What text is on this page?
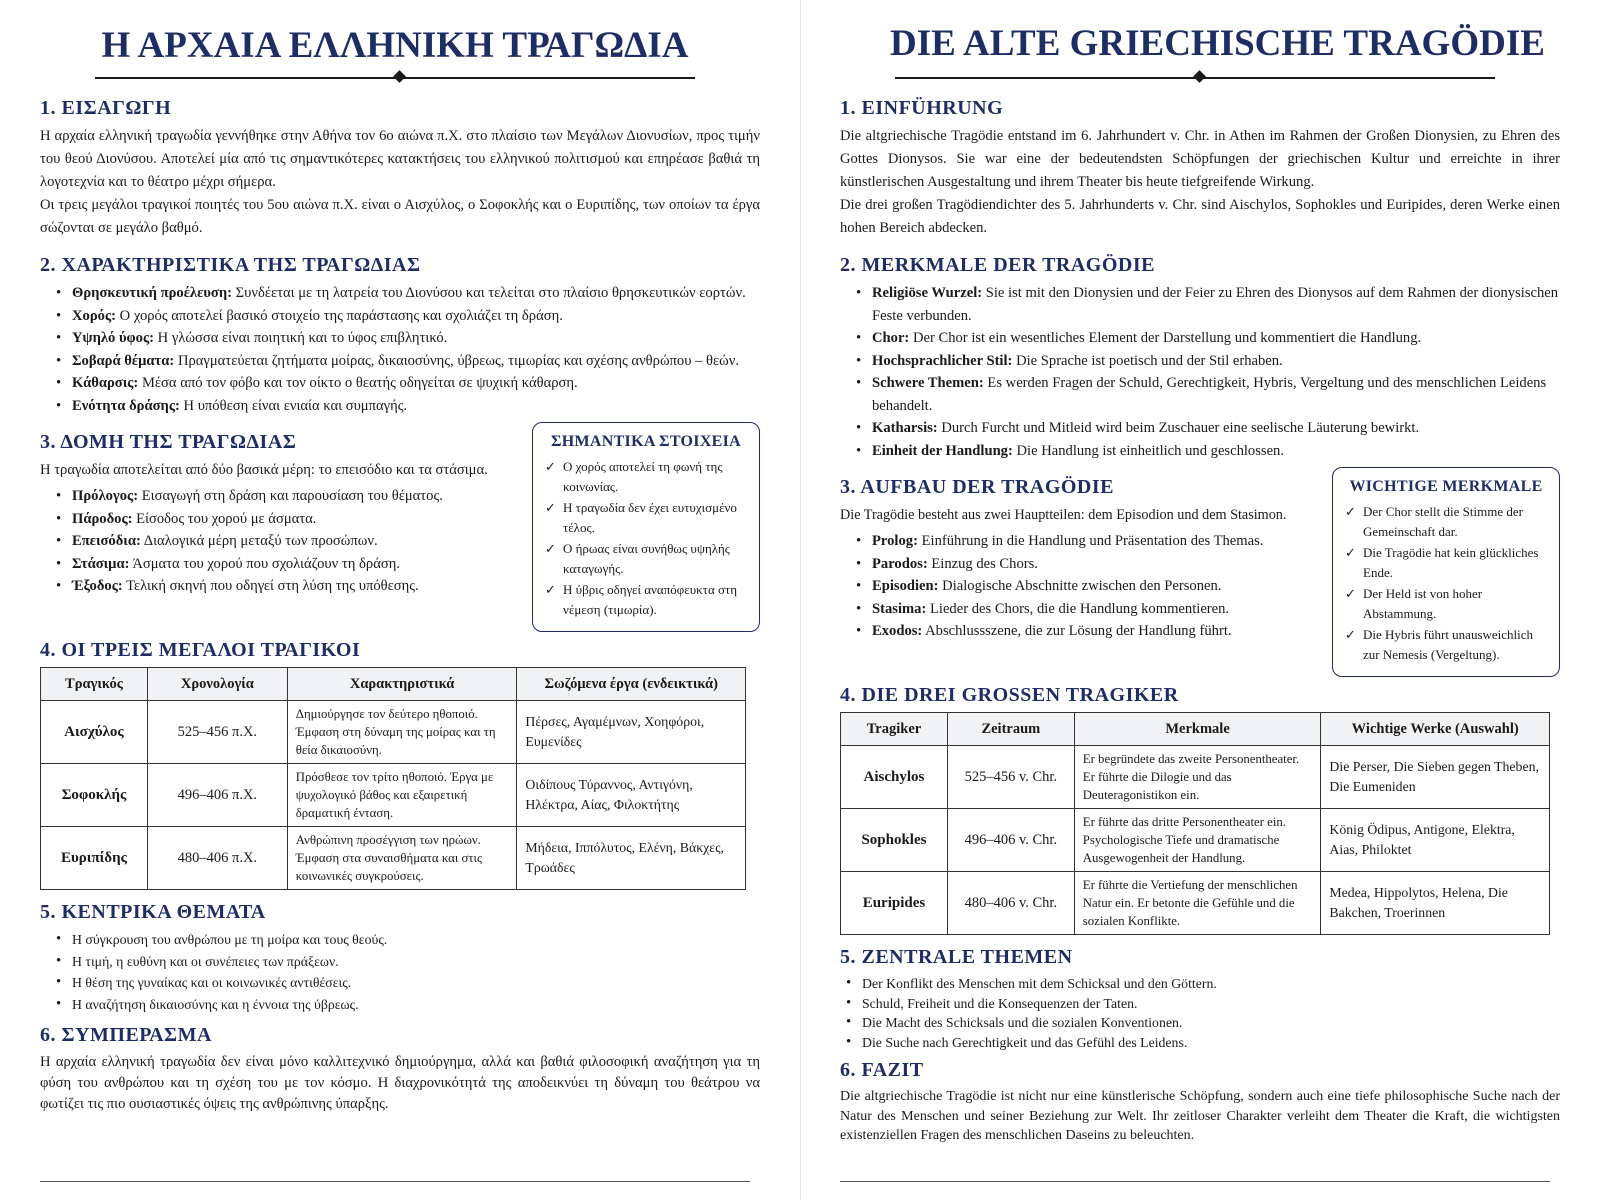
Η ΑΡΧΑΙΑ ΕΛΛΗΝΙΚΗ ΤΡΑΓΩΔΙΑ
1. ΕΙΣΑΓΩΓΗ

Η αρχαία ελληνική τραγωδία γεννήθηκε στην Αθήνα τον 6ο αιώνα π.Χ. στο πλαίσιο των Μεγάλων Διονυσίων, προς τιμήν του θεού Διονύσου. Αποτελεί μία από τις σημαντικότερες κατακτήσεις του ελληνικού πολιτισμού και επηρέασε βαθιά τη λογοτεχνία και το θέατρο μέχρι σήμερα.

Οι τρεις μεγάλοι τραγικοί ποιητές του 5ου αιώνα π.Χ. είναι ο Αισχύλος, ο Σοφοκλής και ο Ευριπίδης, των οποίων τα έργα σώζονται σε μεγάλο βαθμό.

2. ΧΑΡΑΚΤΗΡΙΣΤΙΚΑ ΤΗΣ ΤΡΑΓΩΔΙΑΣ
• Θρησκευτική προέλευση: Συνδέεται με τη λατρεία του Διονύσου και τελείται στο πλαίσιο θρησκευτικών εορτών.
• Χορός: Ο χορός αποτελεί βασικό στοιχείο της παράστασης και σχολιάζει τη δράση.
• Υψηλό ύφος: Η γλώσσα είναι ποιητική και το ύφος επιβλητικό.
• Σοβαρά θέματα: Πραγματεύεται ζητήματα μοίρας, δικαιοσύνης, ύβρεως, τιμωρίας και σχέσης ανθρώπου – θεών.
• Κάθαρσις: Μέσα από τον φόβο και τον οίκτο ο θεατής οδηγείται σε ψυχική κάθαρση.
• Ενότητα δράσης: Η υπόθεση είναι ενιαία και συμπαγής.
3. ΔΟΜΗ ΤΗΣ ΤΡΑΓΩΔΙΑΣ

Η τραγωδία αποτελείται από δύο βασικά μέρη: το επεισόδιο και τα στάσιμα.

• Πρόλογος: Εισαγωγή στη δράση και παρουσίαση του θέματος.
• Πάροδος: Είσοδος του χορού με άσματα.
• Επεισόδια: Διαλογικά μέρη μεταξύ των προσώπων.
• Στάσιμα: Άσματα του χορού που σχολιάζουν τη δράση.
• Έξοδος: Τελική σκηνή που οδηγεί στη λύση της υπόθεσης.
ΣΗΜΑΝΤΙΚΑ ΣΤΟΙΧΕΙΑ
✓ Ο χορός αποτελεί τη φωνή της κοινωνίας.
✓ Η τραγωδία δεν έχει ευτυχισμένο τέλος.
✓ Ο ήρωας είναι συνήθως υψηλής καταγωγής.
✓ Η ύβρις οδηγεί αναπόφευκτα στη νέμεση (τιμωρία).
4. ΟΙ ΤΡΕΙΣ ΜΕΓΑΛΟΙ ΤΡΑΓΙΚΟΙ
Τραγικός	Χρονολογία	Χαρακτηριστικά	Σωζόμενα έργα (ενδεικτικά)
Αισχύλος	525–456 π.Χ.	Δημιούργησε τον δεύτερο ηθοποιό. Έμφαση στη δύναμη της μοίρας και τη θεία δικαιοσύνη.	Πέρσες, Αγαμέμνων, Χοηφόροι, Ευμενίδες
Σοφοκλής	496–406 π.Χ.	Πρόσθεσε τον τρίτο ηθοποιό. Έργα με ψυχολογικό βάθος και εξαιρετική δραματική ένταση.	Οιδίπους Τύραννος, Αντιγόνη, Ηλέκτρα, Αίας, Φιλοκτήτης
Ευριπίδης	480–406 π.Χ.	Ανθρώπινη προσέγγιση των ηρώων. Έμφαση στα συναισθήματα και στις κοινωνικές συγκρούσεις.	Μήδεια, Ιππόλυτος, Ελένη, Βάκχες, Τρωάδες
5. ΚΕΝΤΡΙΚΑ ΘΕΜΑΤΑ
• Η σύγκρουση του ανθρώπου με τη μοίρα και τους θεούς.
• Η τιμή, η ευθύνη και οι συνέπειες των πράξεων.
• Η θέση της γυναίκας και οι κοινωνικές αντιθέσεις.
• Η αναζήτηση δικαιοσύνης και η έννοια της ύβρεως.
6. ΣΥΜΠΕΡΑΣΜΑ

Η αρχαία ελληνική τραγωδία δεν είναι μόνο καλλιτεχνικό δημιούργημα, αλλά και βαθιά φιλοσοφική αναζήτηση για τη φύση του ανθρώπου και τη σχέση του με τον κόσμο. Η διαχρονικότητά της αποδεικνύει τη δύναμη του θεάτρου να φωτίζει τις πιο ουσιαστικές όψεις της ανθρώπινης ύπαρξης.

DIE ALTE GRIECHISCHE TRAGÖDIE
1. EINFÜHRUNG

Die altgriechische Tragödie entstand im 6. Jahrhundert v. Chr. in Athen im Rahmen der Großen Dionysien, zu Ehren des Gottes Dionysos. Sie war eine der bedeutendsten Schöpfungen der griechischen Kultur und erreichte in ihrer künstlerischen Ausgestaltung und ihrem Theater bis heute tiefgreifende Wirkung.

Die drei großen Tragödiendichter des 5. Jahrhunderts v. Chr. sind Aischylos, Sophokles und Euripides, deren Werke einen hohen Bereich abdecken.

2. MERKMALE DER TRAGÖDIE
• Religiöse Wurzel: Sie ist mit den Dionysien und der Feier zu Ehren des Dionysos auf dem Rahmen der dionysischen Feste verbunden.
• Chor: Der Chor ist ein wesentliches Element der Darstellung und kommentiert die Handlung.
• Hochsprachlicher Stil: Die Sprache ist poetisch und der Stil erhaben.
• Schwere Themen: Es werden Fragen der Schuld, Gerechtigkeit, Hybris, Vergeltung und des menschlichen Leidens behandelt.
• Katharsis: Durch Furcht und Mitleid wird beim Zuschauer eine seelische Läuterung bewirkt.
• Einheit der Handlung: Die Handlung ist einheitlich und geschlossen.
3. AUFBAU DER TRAGÖDIE

Die Tragödie besteht aus zwei Hauptteilen: dem Episodion und dem Stasimon.

• Prolog: Einführung in die Handlung und Präsentation des Themas.
• Parodos: Einzug des Chors.
• Episodien: Dialogische Abschnitte zwischen den Personen.
• Stasima: Lieder des Chors, die die Handlung kommentieren.
• Exodos: Abschlussszene, die zur Lösung der Handlung führt.
WICHTIGE MERKMALE
✓ Der Chor stellt die Stimme der Gemeinschaft dar.
✓ Die Tragödie hat kein glückliches Ende.
✓ Der Held ist von hoher Abstammung.
✓ Die Hybris führt unausweichlich zur Nemesis (Vergeltung).
4. DIE DREI GROSSEN TRAGIKER
Tragiker	Zeitraum	Merkmale	Wichtige Werke (Auswahl)
Aischylos	525–456 v. Chr.	Er begründete das zweite Personentheater. Er führte die Dilogie und das Deuteragonistikon ein.	Die Perser, Die Sieben gegen Theben, Die Eumeniden
Sophokles	496–406 v. Chr.	Er führte das dritte Personentheater ein. Psychologische Tiefe und dramatische Ausgewogenheit der Handlung.	König Ödipus, Antigone, Elektra, Aias, Philoktet
Euripides	480–406 v. Chr.	Er führte die Vertiefung der menschlichen Natur ein. Er betonte die Gefühle und die sozialen Konflikte.	Medea, Hippolytos, Helena, Die Bakchen, Troerinnen
5. ZENTRALE THEMEN
• Der Konflikt des Menschen mit dem Schicksal und den Göttern.
• Schuld, Freiheit und die Konsequenzen der Taten.
• Die Macht des Schicksals und die sozialen Konventionen.
• Die Suche nach Gerechtigkeit und das Gefühl des Leidens.
6. FAZIT

Die altgriechische Tragödie ist nicht nur eine künstlerische Schöpfung, sondern auch eine tiefe philosophische Suche nach der Natur des Menschen und seiner Beziehung zur Welt. Ihr zeitloser Charakter verleiht dem Theater die Kraft, die wichtigsten existenziellen Fragen des menschlichen Daseins zu beleuchten.
